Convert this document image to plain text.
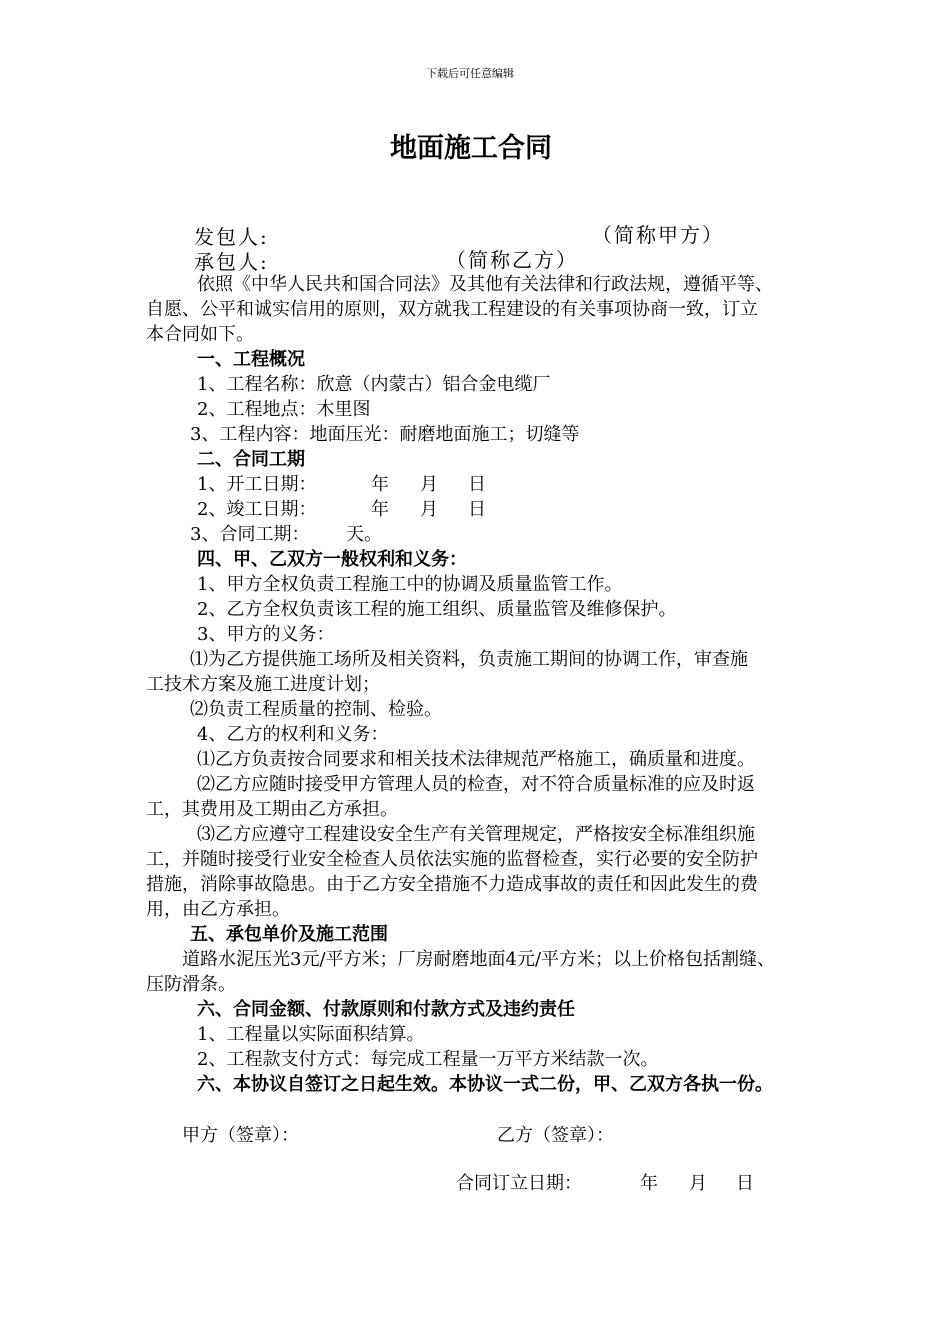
下载后可任意编辑
地面施工合同
发包人:	（简称甲方）
承包人:	（简称乙方）
依照《中华人民共和国合同法》及其他有关法律和行政法规，遵循平等、
自愿、公平和诚实信用的原则，双方就我工程建设的有关事项协商一致，订立
本合同如下。
一、工程概况
1、工程名称：欣意（内蒙古）铝合金电缆厂
2、工程地点：木里图
3、工程内容：地面压光：耐磨地面施工；切缝等
二、合同工期
1、开工日期：	年 月 日
2、竣工日期：	年 月 日
3、合同工期： 天。
四、甲、乙双方一般权利和义务：
1、甲方全权负责工程施工中的协调及质量监管工作。
2、乙方全权负责该工程的施工组织、质量监管及维修保护。
3、甲方的义务：
⑴为乙方提供施工场所及相关资料，负责施工期间的协调工作，审查施
工技术方案及施工进度计划；
⑵负责工程质量的控制、检验。
4、乙方的权利和义务：
⑴乙方负责按合同要求和相关技术法律规范严格施工，确质量和进度。
⑵乙方应随时接受甲方管理人员的检查，对不符合质量标准的应及时返
工，其费用及工期由乙方承担。
⑶乙方应遵守工程建设安全生产有关管理规定，严格按安全标准组织施
工，并随时接受行业安全检查人员依法实施的监督检查，实行必要的安全防护
措施，消除事故隐患。由于乙方安全措施不力造成事故的责任和因此发生的费
用，由乙方承担。
五、承包单价及施工范围
道路水泥压光3元/平方米；厂房耐磨地面4元/平方米；以上价格包括割缝、
压防滑条。
六、合同金额、付款原则和付款方式及违约责任
1、工程量以实际面积结算。
2、工程款支付方式：每完成工程量一万平方米结款一次。
六、本协议自签订之日起生效。本协议一式二份，甲、乙双方各执一份。
甲方（签章）：	乙方（签章）：
合同订立日期：	年 月 日
